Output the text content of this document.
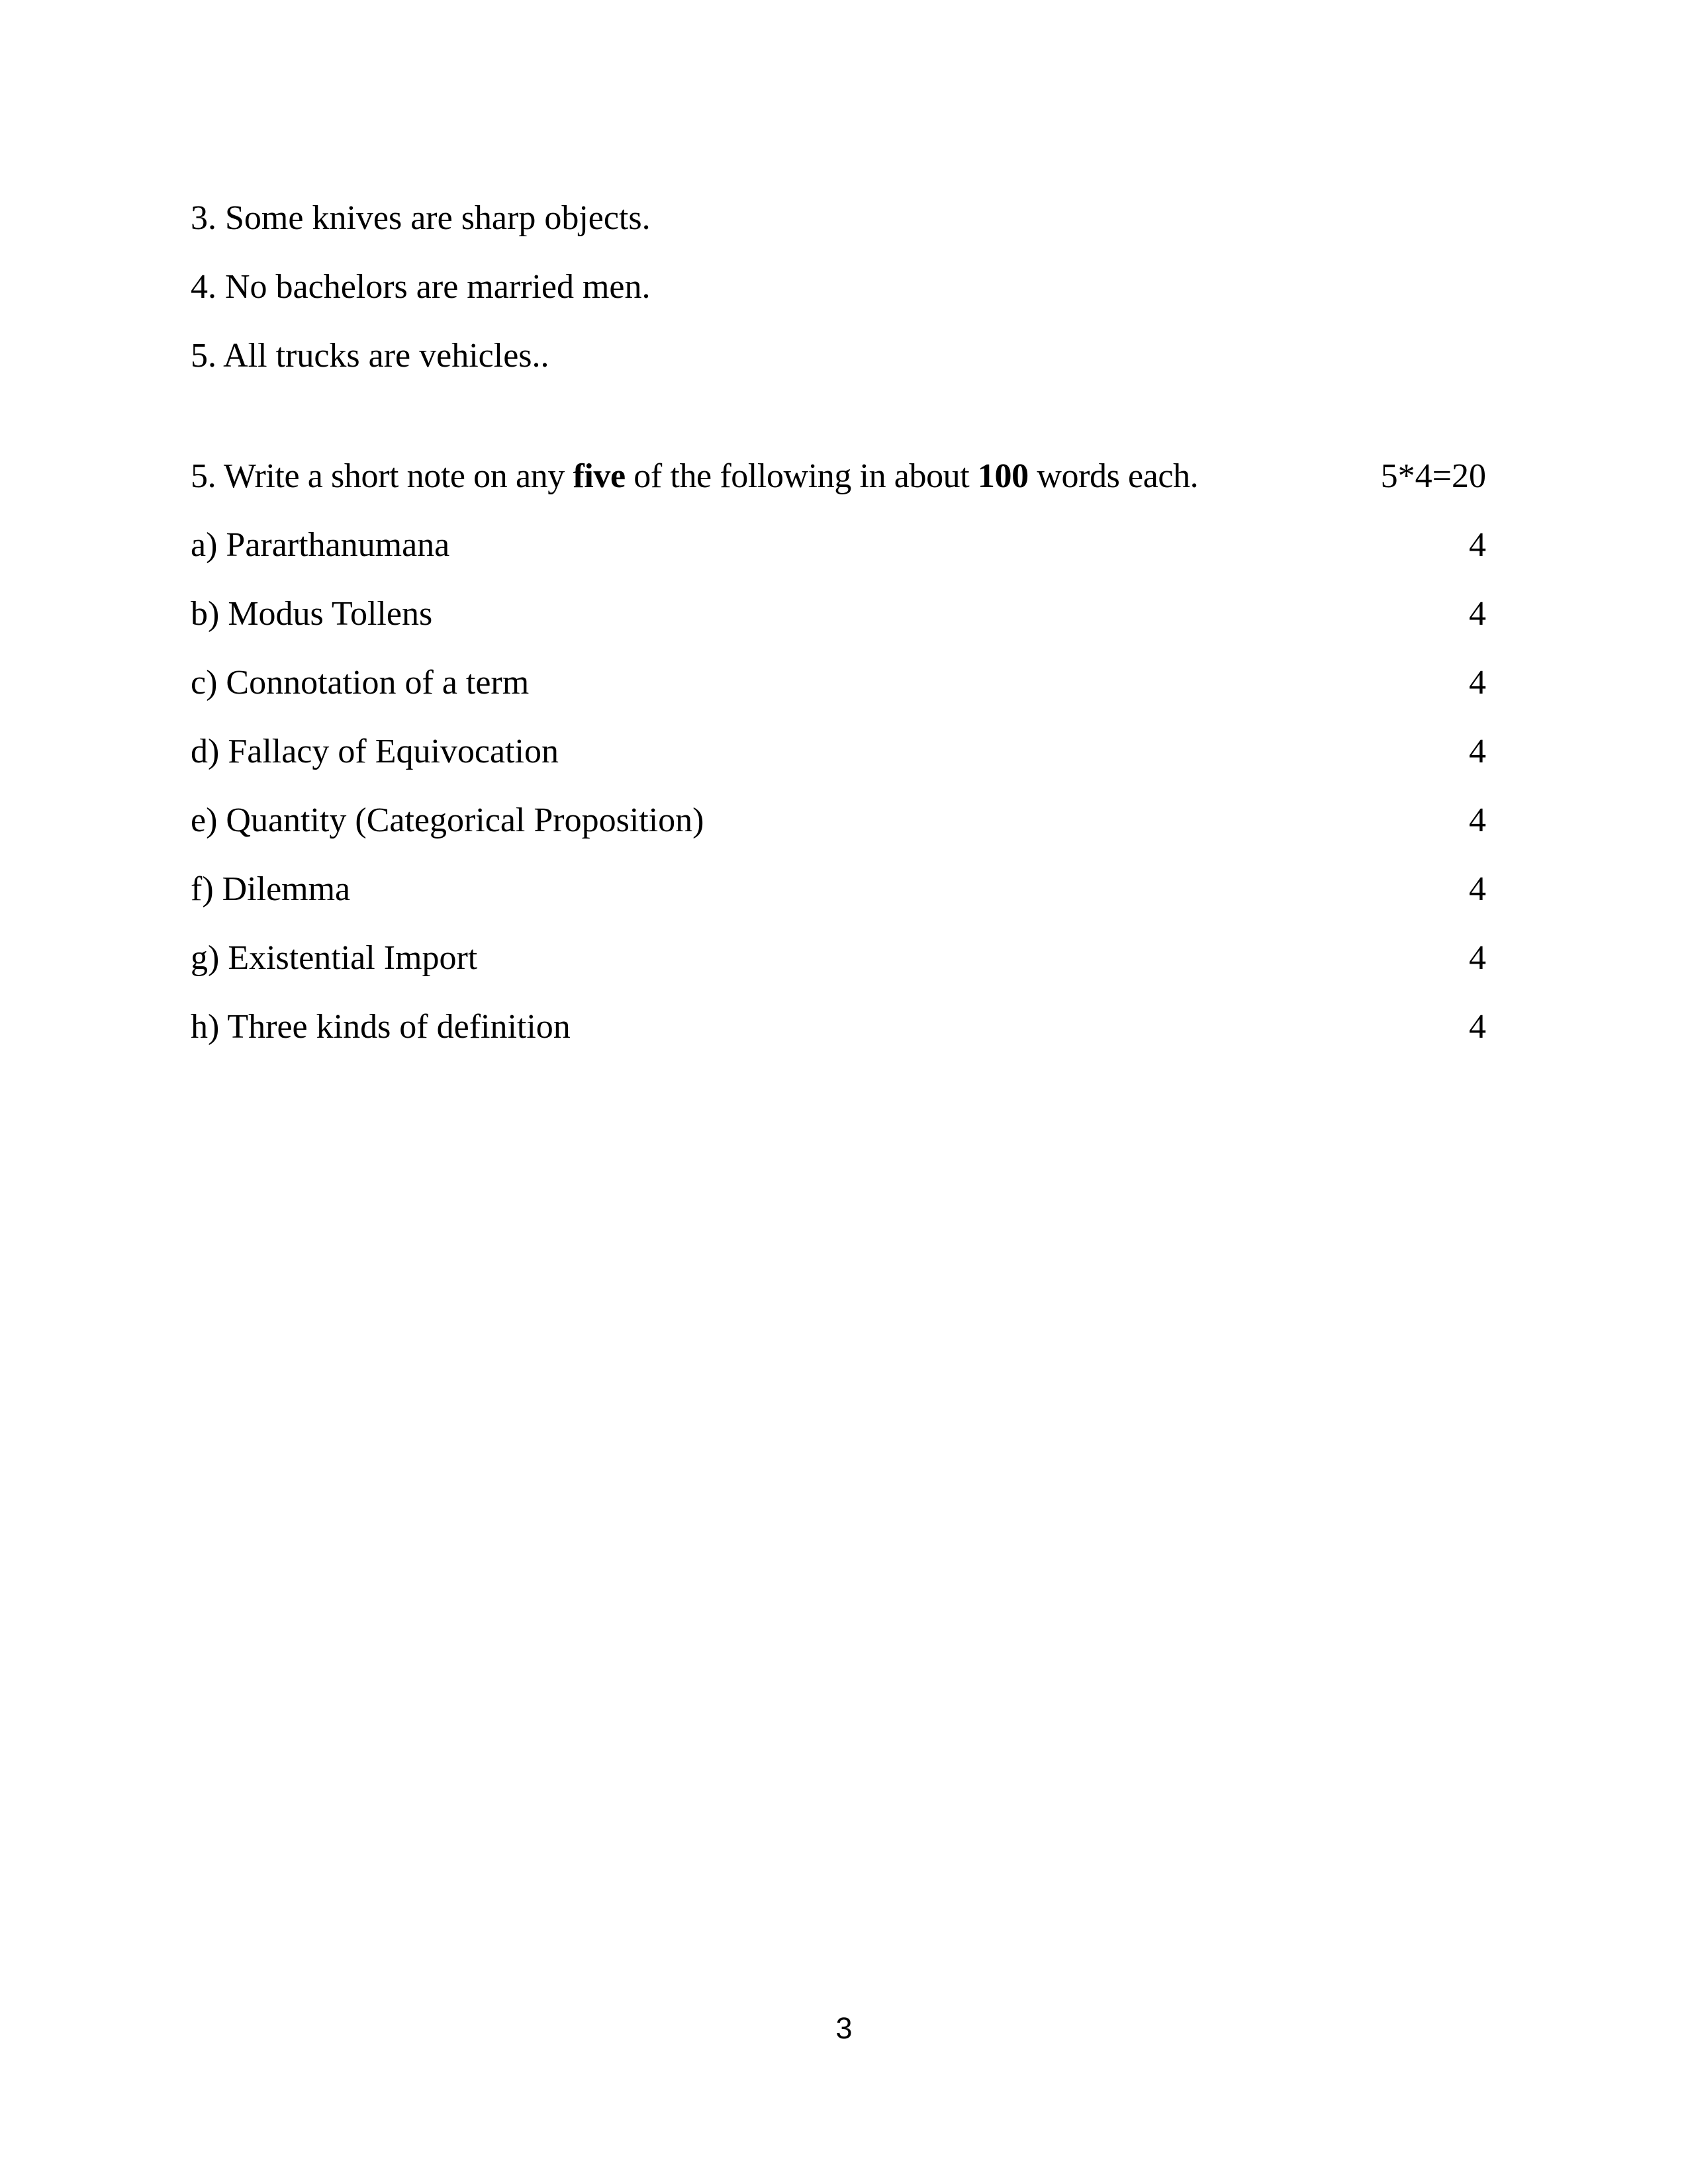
3. Some knives are sharp objects.
4. No bachelors are married men.
5. All trucks are vehicles..
5. Write a short note on any five of the following in about 100 words each.	5*4=20
a) Pararthanumana	4
b) Modus Tollens	4
c) Connotation of a term	4
d) Fallacy of Equivocation	4
e) Quantity (Categorical Proposition)	4
f) Dilemma	4
g) Existential Import	4
h) Three kinds of definition	4
3
